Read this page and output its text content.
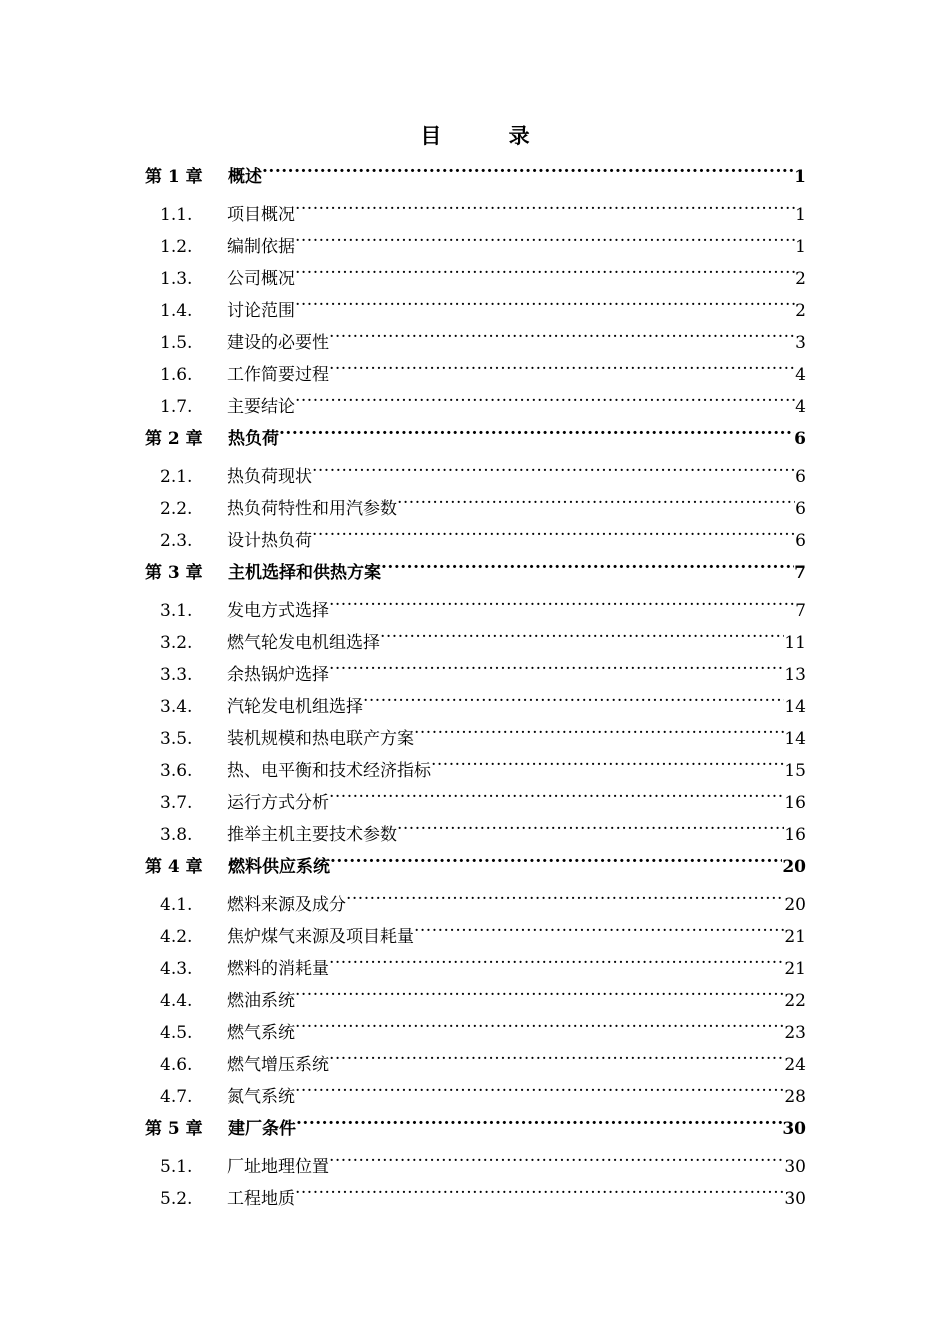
目 录
第 1 章	概述 .....	1
1.1.	项目概况 .....	1
1.2.	编制依据 .....	1
1.3.	公司概况 .....	2
1.4.	讨论范围 .....	2
1.5.	建设的必要性 .....	3
1.6.	工作简要过程 .....	4
1.7.	主要结论 .....	4
第 2 章	热负荷 .....	6
2.1.	热负荷现状 .....	6
2.2.	热负荷特性和用汽参数 .....	6
2.3.	设计热负荷 .....	6
第 3 章	主机选择和供热方案 .....	7
3.1.	发电方式选择 .....	7
3.2.	燃气轮发电机组选择 .....	11
3.3.	余热锅炉选择 .....	13
3.4.	汽轮发电机组选择 .....	14
3.5.	装机规模和热电联产方案 .....	14
3.6.	热、电平衡和技术经济指标 .....	15
3.7.	运行方式分析 .....	16
3.8.	推举主机主要技术参数 .....	16
第 4 章	燃料供应系统 .....	20
4.1.	燃料来源及成分 .....	20
4.2.	焦炉煤气来源及项目耗量 .....	21
4.3.	燃料的消耗量 .....	21
4.4.	燃油系统 .....	22
4.5.	燃气系统 .....	23
4.6.	燃气增压系统 .....	24
4.7.	氮气系统 .....	28
第 5 章	建厂条件 .....	30
5.1.	厂址地理位置 .....	30
5.2.	工程地质 .....	30
